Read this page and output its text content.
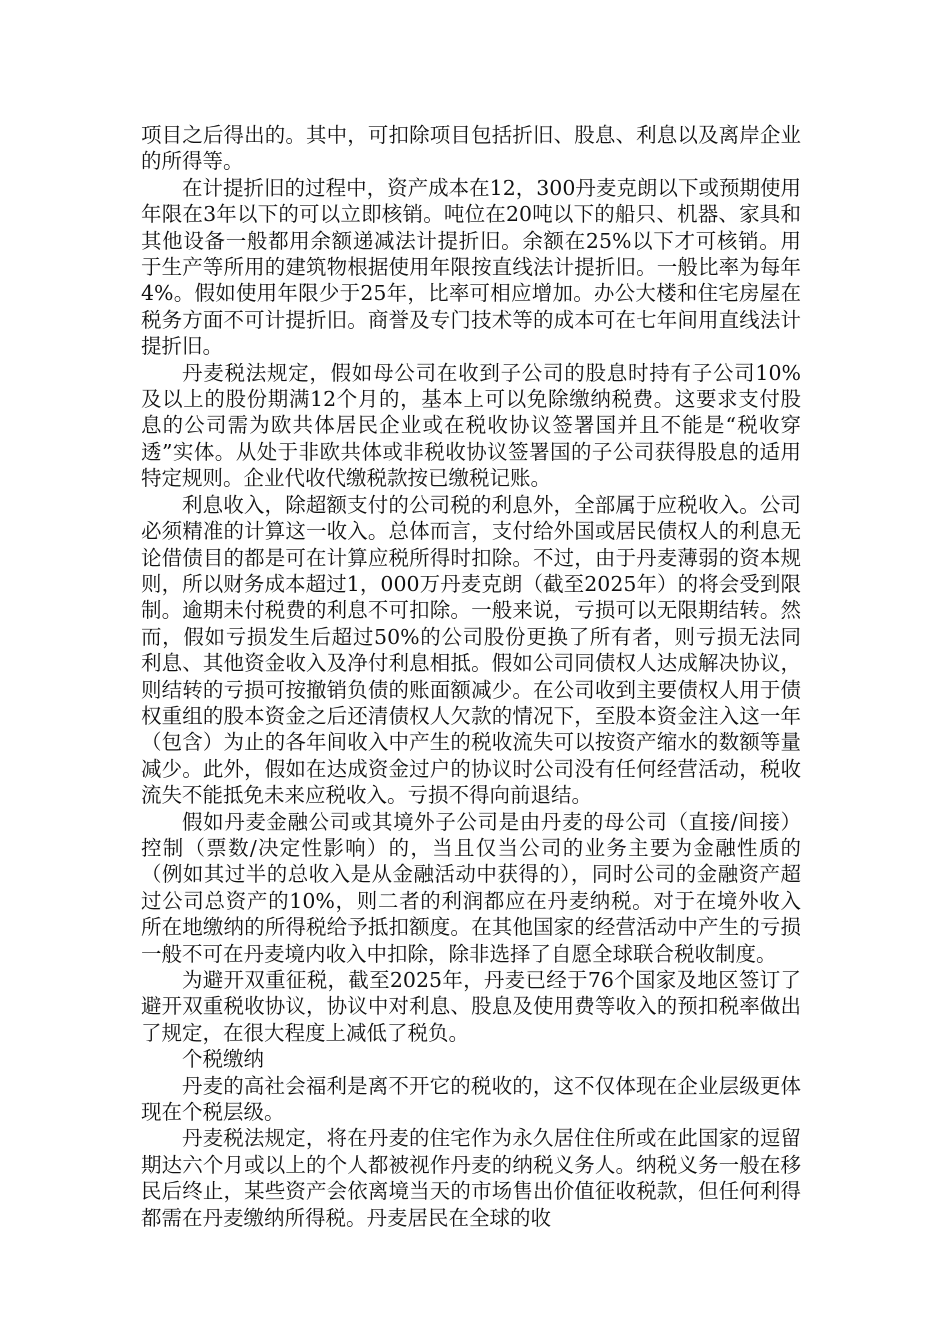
项目之后得出的。其中，可扣除项目包括折旧、股息、利息以及离岸企业的所得等。

在计提折旧的过程中，资产成本在12，300丹麦克朗以下或预期使用年限在3年以下的可以立即核销。吨位在20吨以下的船只、机器、家具和其他设备一般都用余额递减法计提折旧。余额在25%以下才可核销。用于生产等所用的建筑物根据使用年限按直线法计提折旧。一般比率为每年4%。假如使用年限少于25年，比率可相应增加。办公大楼和住宅房屋在税务方面不可计提折旧。商誉及专门技术等的成本可在七年间用直线法计提折旧。

丹麦税法规定，假如母公司在收到子公司的股息时持有子公司10%及以上的股份期满12个月的，基本上可以免除缴纳税费。这要求支付股息的公司需为欧共体居民企业或在税收协议签署国并且不能是“税收穿透”实体。从处于非欧共体或非税收协议签署国的子公司获得股息的适用特定规则。企业代收代缴税款按已缴税记账。

利息收入，除超额支付的公司税的利息外，全部属于应税收入。公司必须精准的计算这一收入。总体而言，支付给外国或居民债权人的利息无论借债目的都是可在计算应税所得时扣除。不过，由于丹麦薄弱的资本规则，所以财务成本超过1，000万丹麦克朗（截至2025年）的将会受到限制。逾期未付税费的利息不可扣除。一般来说，亏损可以无限期结转。然而，假如亏损发生后超过50%的公司股份更换了所有者，则亏损无法同利息、其他资金收入及净付利息相抵。假如公司同债权人达成解决协议，则结转的亏损可按撤销负债的账面额减少。在公司收到主要债权人用于债权重组的股本资金之后还清债权人欠款的情况下，至股本资金注入这一年（包含）为止的各年间收入中产生的税收流失可以按资产缩水的数额等量减少。此外，假如在达成资金过户的协议时公司没有任何经营活动，税收流失不能抵免未来应税收入。亏损不得向前退结。

假如丹麦金融公司或其境外子公司是由丹麦的母公司（直接/间接）控制（票数/决定性影响）的，当且仅当公司的业务主要为金融性质的（例如其过半的总收入是从金融活动中获得的），同时公司的金融资产超过公司总资产的10%，则二者的利润都应在丹麦纳税。对于在境外收入所在地缴纳的所得税给予抵扣额度。在其他国家的经营活动中产生的亏损一般不可在丹麦境内收入中扣除，除非选择了自愿全球联合税收制度。

为避开双重征税，截至2025年，丹麦已经于76个国家及地区签订了避开双重税收协议，协议中对利息、股息及使用费等收入的预扣税率做出了规定，在很大程度上减低了税负。

个税缴纳

丹麦的高社会福利是离不开它的税收的，这不仅体现在企业层级更体现在个税层级。

丹麦税法规定，将在丹麦的住宅作为永久居住住所或在此国家的逗留期达六个月或以上的个人都被视作丹麦的纳税义务人。纳税义务一般在移民后终止，某些资产会依离境当天的市场售出价值征收税款，但任何利得都需在丹麦缴纳所得税。丹麦居民在全球的收
